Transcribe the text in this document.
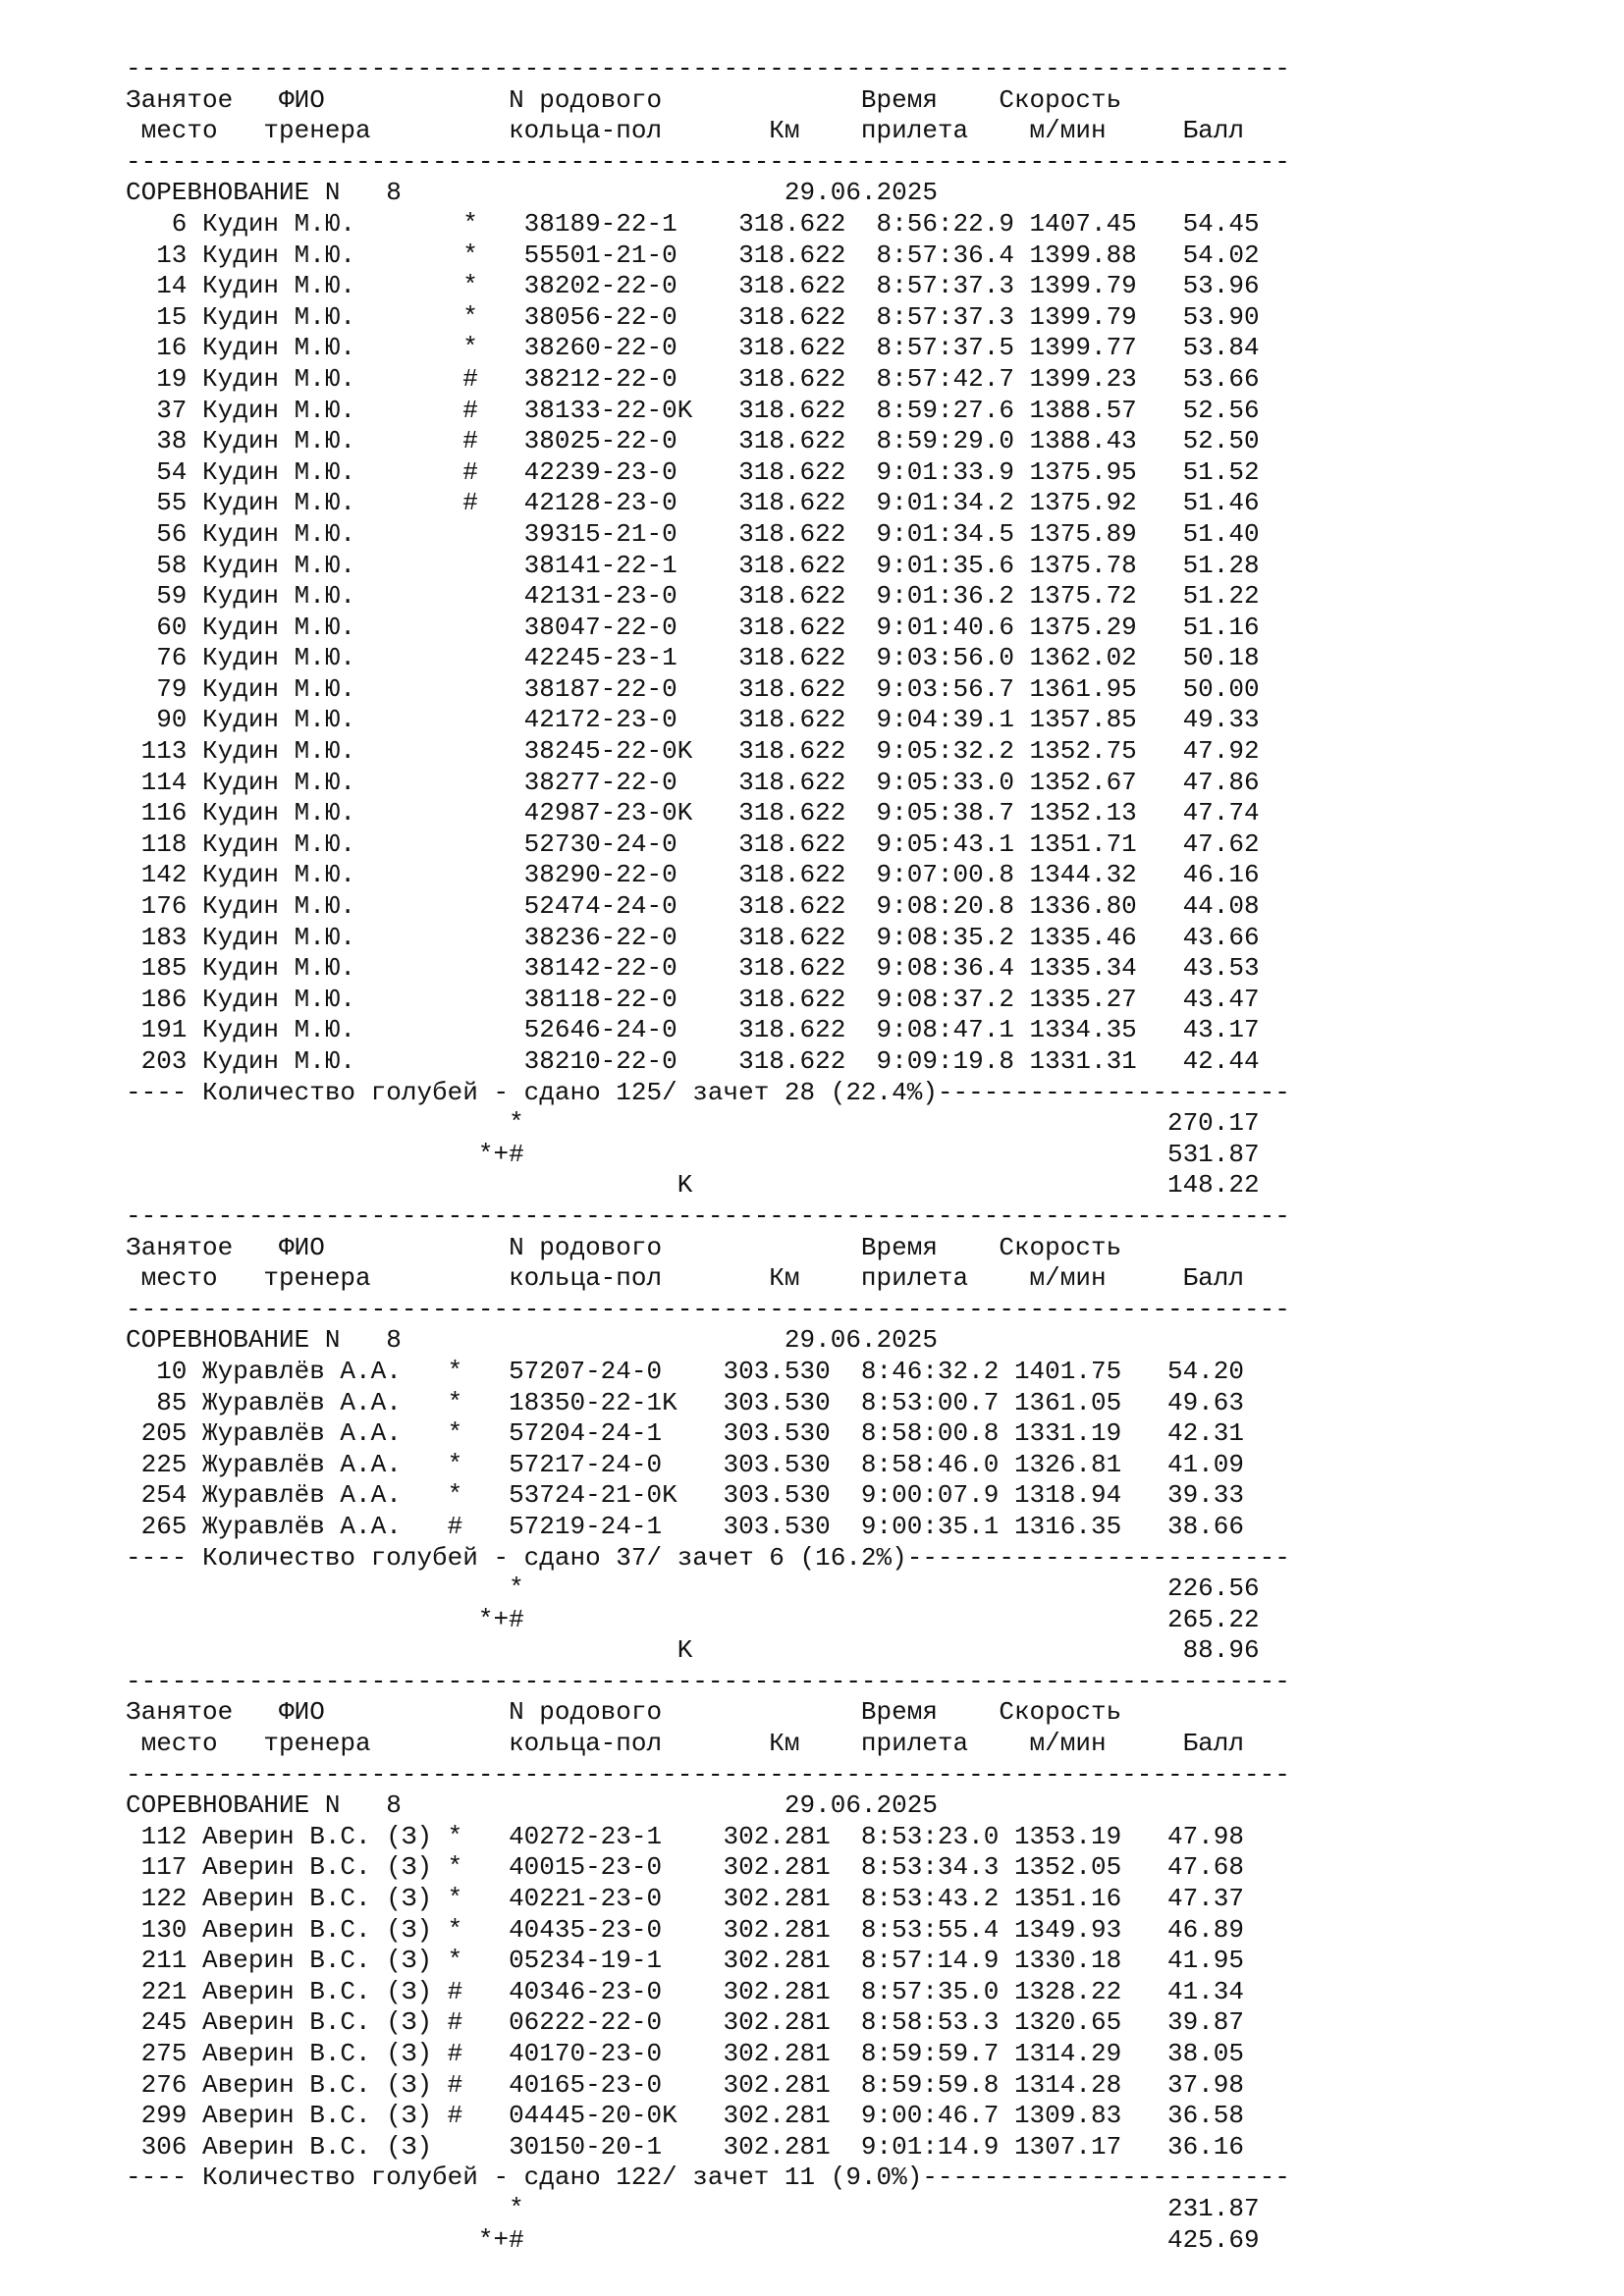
----------------------------------------------------------------------------
Занятое   ФИО            N родового             Время    Скорость
место   тренера         кольца-пол       Км    прилета    м/мин     Балл
----------------------------------------------------------------------------
СОРЕВНОВАНИЕ N   8                         29.06.2025
6 Кудин М.Ю.       *   38189-22-1    318.622  8:56:22.9 1407.45   54.45
13 Кудин М.Ю.       *   55501-21-0    318.622  8:57:36.4 1399.88   54.02
14 Кудин М.Ю.       *   38202-22-0    318.622  8:57:37.3 1399.79   53.96
15 Кудин М.Ю.       *   38056-22-0    318.622  8:57:37.3 1399.79   53.90
16 Кудин М.Ю.       *   38260-22-0    318.622  8:57:37.5 1399.77   53.84
19 Кудин М.Ю.       #   38212-22-0    318.622  8:57:42.7 1399.23   53.66
37 Кудин М.Ю.       #   38133-22-0K   318.622  8:59:27.6 1388.57   52.56
38 Кудин М.Ю.       #   38025-22-0    318.622  8:59:29.0 1388.43   52.50
54 Кудин М.Ю.       #   42239-23-0    318.622  9:01:33.9 1375.95   51.52
55 Кудин М.Ю.       #   42128-23-0    318.622  9:01:34.2 1375.92   51.46
56 Кудин М.Ю.           39315-21-0    318.622  9:01:34.5 1375.89   51.40
58 Кудин М.Ю.           38141-22-1    318.622  9:01:35.6 1375.78   51.28
59 Кудин М.Ю.           42131-23-0    318.622  9:01:36.2 1375.72   51.22
60 Кудин М.Ю.           38047-22-0    318.622  9:01:40.6 1375.29   51.16
76 Кудин М.Ю.           42245-23-1    318.622  9:03:56.0 1362.02   50.18
79 Кудин М.Ю.           38187-22-0    318.622  9:03:56.7 1361.95   50.00
90 Кудин М.Ю.           42172-23-0    318.622  9:04:39.1 1357.85   49.33
113 Кудин М.Ю.           38245-22-0K   318.622  9:05:32.2 1352.75   47.92
114 Кудин М.Ю.           38277-22-0    318.622  9:05:33.0 1352.67   47.86
116 Кудин М.Ю.           42987-23-0K   318.622  9:05:38.7 1352.13   47.74
118 Кудин М.Ю.           52730-24-0    318.622  9:05:43.1 1351.71   47.62
142 Кудин М.Ю.           38290-22-0    318.622  9:07:00.8 1344.32   46.16
176 Кудин М.Ю.           52474-24-0    318.622  9:08:20.8 1336.80   44.08
183 Кудин М.Ю.           38236-22-0    318.622  9:08:35.2 1335.46   43.66
185 Кудин М.Ю.           38142-22-0    318.622  9:08:36.4 1335.34   43.53
186 Кудин М.Ю.           38118-22-0    318.622  9:08:37.2 1335.27   43.47
191 Кудин М.Ю.           52646-24-0    318.622  9:08:47.1 1334.35   43.17
203 Кудин М.Ю.           38210-22-0    318.622  9:09:19.8 1331.31   42.44
---- Количество голубей - сдано 125/ зачет 28 (22.4%)-----------------------
*                                          270.17
*+#                                          531.87
K                               148.22
----------------------------------------------------------------------------
Занятое   ФИО            N родового             Время    Скорость
место   тренера         кольца-пол       Км    прилета    м/мин     Балл
----------------------------------------------------------------------------
СОРЕВНОВАНИЕ N   8                         29.06.2025
10 Журавлёв А.А.   *   57207-24-0    303.530  8:46:32.2 1401.75   54.20
85 Журавлёв А.А.   *   18350-22-1K   303.530  8:53:00.7 1361.05   49.63
205 Журавлёв А.А.   *   57204-24-1    303.530  8:58:00.8 1331.19   42.31
225 Журавлёв А.А.   *   57217-24-0    303.530  8:58:46.0 1326.81   41.09
254 Журавлёв А.А.   *   53724-21-0K   303.530  9:00:07.9 1318.94   39.33
265 Журавлёв А.А.   #   57219-24-1    303.530  9:00:35.1 1316.35   38.66
---- Количество голубей - сдано 37/ зачет 6 (16.2%)-------------------------
*                                          226.56
*+#                                          265.22
K                                88.96
----------------------------------------------------------------------------
Занятое   ФИО            N родового             Время    Скорость
место   тренера         кольца-пол       Км    прилета    м/мин     Балл
----------------------------------------------------------------------------
СОРЕВНОВАНИЕ N   8                         29.06.2025
112 Аверин В.С. (З) *   40272-23-1    302.281  8:53:23.0 1353.19   47.98
117 Аверин В.С. (З) *   40015-23-0    302.281  8:53:34.3 1352.05   47.68
122 Аверин В.С. (З) *   40221-23-0    302.281  8:53:43.2 1351.16   47.37
130 Аверин В.С. (З) *   40435-23-0    302.281  8:53:55.4 1349.93   46.89
211 Аверин В.С. (З) *   05234-19-1    302.281  8:57:14.9 1330.18   41.95
221 Аверин В.С. (З) #   40346-23-0    302.281  8:57:35.0 1328.22   41.34
245 Аверин В.С. (З) #   06222-22-0    302.281  8:58:53.3 1320.65   39.87
275 Аверин В.С. (З) #   40170-23-0    302.281  8:59:59.7 1314.29   38.05
276 Аверин В.С. (З) #   40165-23-0    302.281  8:59:59.8 1314.28   37.98
299 Аверин В.С. (З) #   04445-20-0K   302.281  9:00:46.7 1309.83   36.58
306 Аверин В.С. (З)     30150-20-1    302.281  9:01:14.9 1307.17   36.16
---- Количество голубей - сдано 122/ зачет 11 (9.0%)------------------------
*                                          231.87
*+#                                          425.69
